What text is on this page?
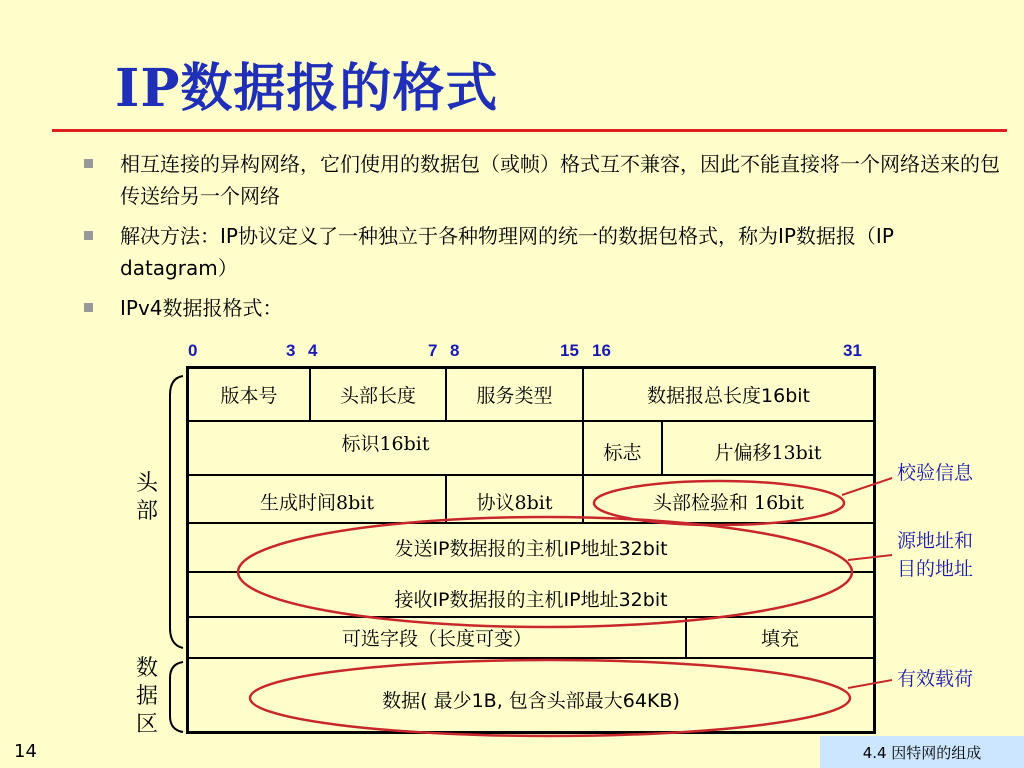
IP数据报的格式
相互连接的异构网络，它们使用的数据包（或帧）格式互不兼容，因此不能直接将一个网络送来的包传送给另一个网络
解决方法：IP协议定义了一种独立于各种物理网的统一的数据包格式，称为IP数据报（IP datagram）
IPv4数据报格式：
0	3 4	7 8	15 16	31
版本号	头部长度	服务类型	数据报总长度16bit
标识16bit	标志	片偏移13bit
生成时间8bit	协议8bit	头部检验和 16bit
发送IP数据报的主机IP地址32bit
接收IP数据报的主机IP地址32bit
可选字段（长度可变）	填充
数据( 最少1B, 包含头部最大64KB)
头
部
数
据
区
校验信息
源地址和
目的地址
有效载荷
14	4.4 因特网的组成
